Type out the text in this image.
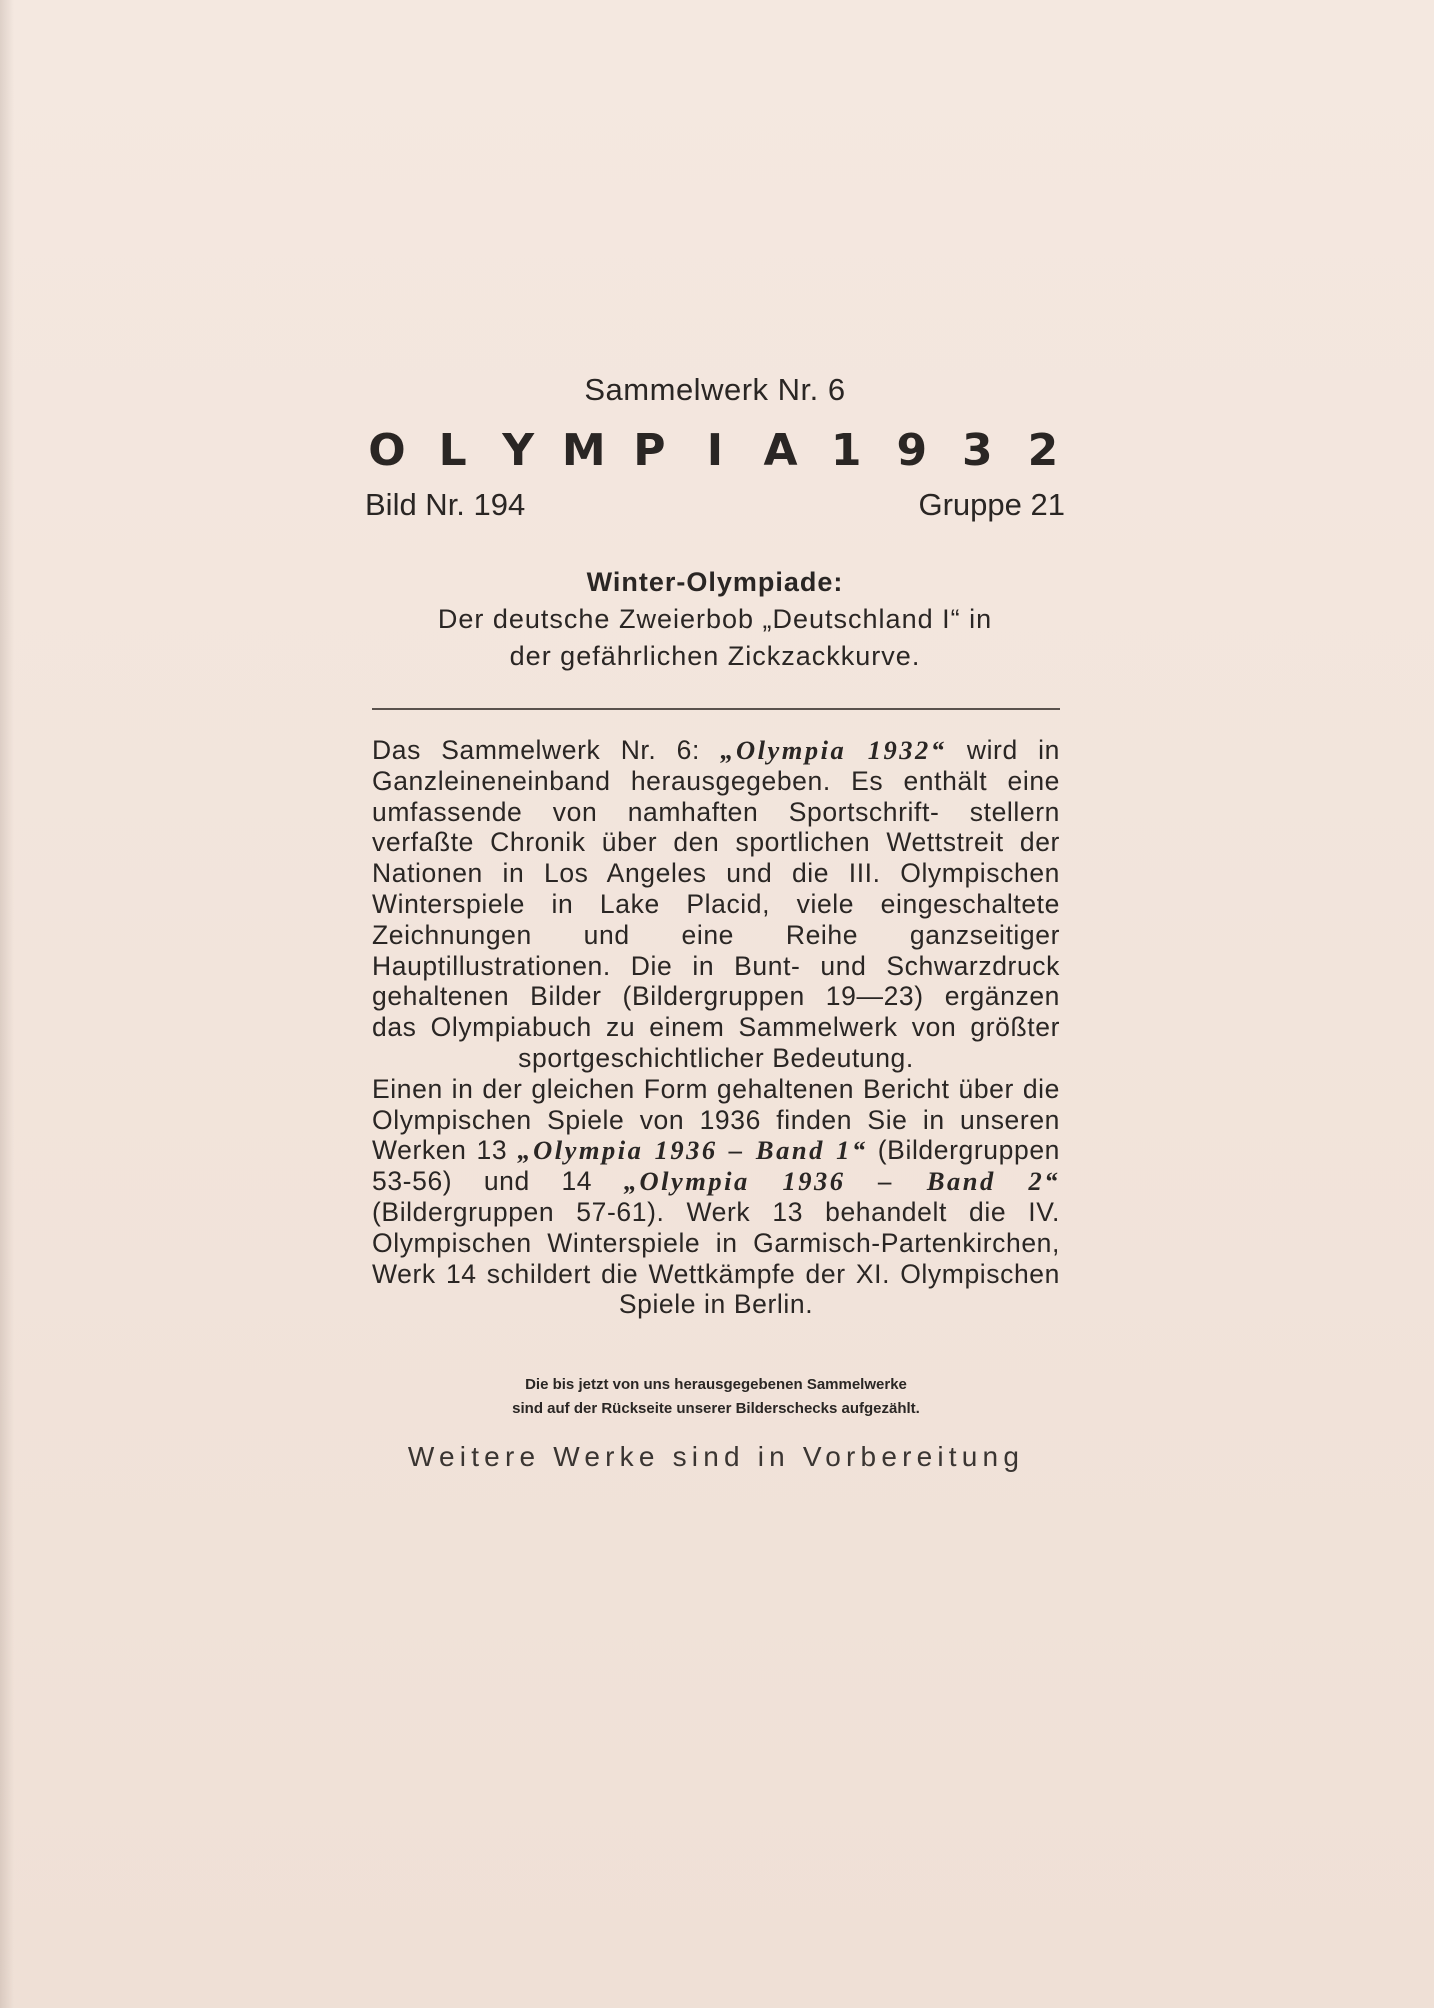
Sammelwerk Nr. 6
O L Y M P I A 1 9 3 2
Bild Nr. 194	Gruppe 21
Winter-Olympiade:
Der deutsche Zweierbob „Deutschland I“ in
der gefährlichen Zickzackkurve.

Das Sammelwerk Nr. 6: „Olympia 1932“ wird in Ganzleineneinband herausgegeben. Es enthält eine umfassende von namhaften Sportschrift- stellern verfaßte Chronik über den sportlichen Wettstreit der Nationen in Los Angeles und die III. Olympischen Winterspiele in Lake Placid, viele eingeschaltete Zeichnungen und eine Reihe ganzseitiger Hauptillustrationen. Die in Bunt- und Schwarzdruck gehaltenen Bilder (Bildergruppen 19—23) ergänzen das Olympiabuch zu einem Sammelwerk von größter sportgeschichtlicher Bedeutung.

Einen in der gleichen Form gehaltenen Bericht über die Olympischen Spiele von 1936 finden Sie in unseren Werken 13 „Olympia 1936 – Band 1“ (Bildergruppen 53-56) und 14 „Olympia 1936 – Band 2“ (Bildergruppen 57-61). Werk 13 behandelt die IV. Olympischen Winterspiele in Garmisch-Partenkirchen, Werk 14 schildert die Wettkämpfe der XI. Olympischen Spiele in Berlin.

Die bis jetzt von uns herausgegebenen Sammelwerke
sind auf der Rückseite unserer Bilderschecks aufgezählt.
Weitere Werke sind in Vorbereitung
